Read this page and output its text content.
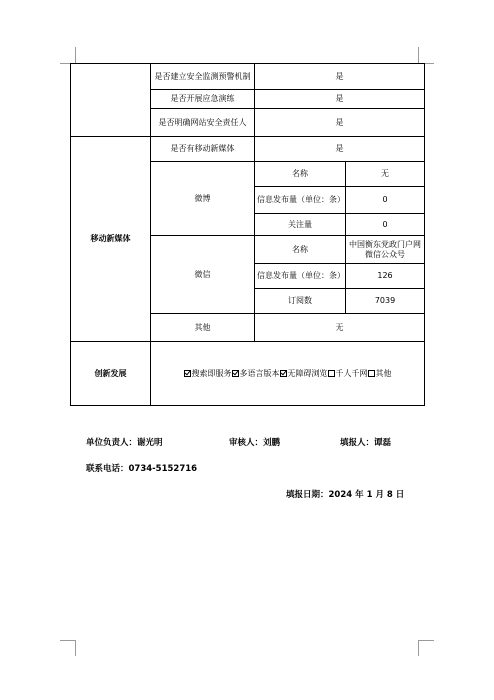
	是否建立安全监测预警机制	是	
	是否开展应急演练	是	
	是否明确网站安全责任人	是	
移动新媒体	是否有移动新媒体	是	
	微博	名称	无
		信息发布量（单位：条）	0
		关注量	0
	微信	名称	中国衡东党政门户网微信公众号
		信息发布量（单位：条）	126
		订阅数	7039
	其他	无	
创新发展	搜索即服务 多语言版本 无障碍浏览 千人千网 其他		
单位负责人：谢光明	审核人：刘鹏	填报人：谭磊
联系电话：0734-5152716
填报日期：2024 年 1 月 8 日
